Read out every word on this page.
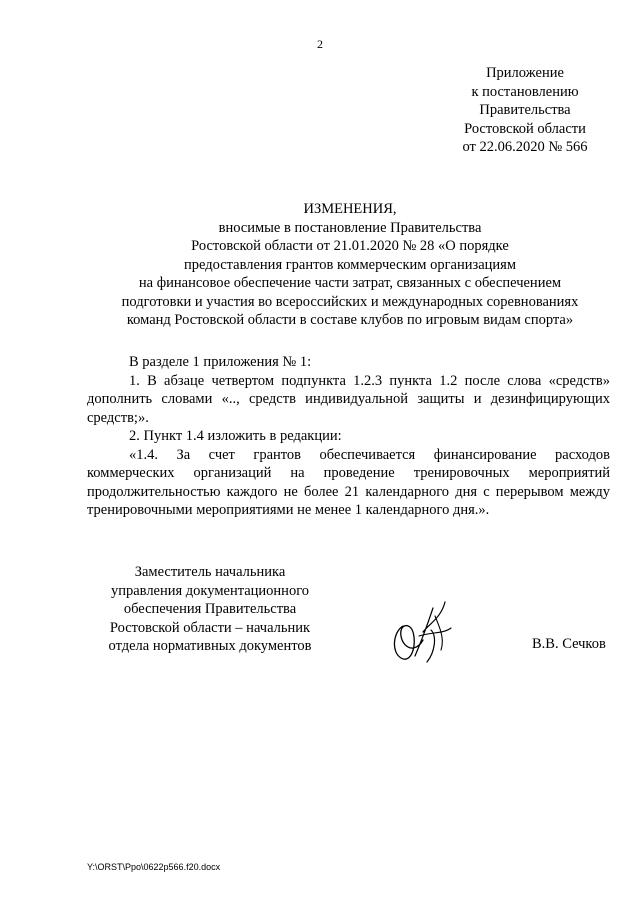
2
Приложение
к постановлению
Правительства
Ростовской области
от 22.06.2020 № 566
ИЗМЕНЕНИЯ,
вносимые в постановление Правительства
Ростовской области от 21.01.2020 № 28 «О порядке
предоставления грантов коммерческим организациям
на финансовое обеспечение части затрат, связанных с обеспечением
подготовки и участия во всероссийских и международных соревнованиях
команд Ростовской области в составе клубов по игровым видам спорта»

В разделе 1 приложения № 1:

1. В абзаце четвертом подпункта 1.2.3 пункта 1.2 после слова «средств» дополнить словами «.., средств индивидуальной защиты и дезинфицирующих средств;».

2. Пункт 1.4 изложить в редакции:

«1.4. За счет грантов обеспечивается финансирование расходов коммерческих организаций на проведение тренировочных мероприятий продолжительностью каждого не более 21 календарного дня с перерывом между тренировочными мероприятиями не менее 1 календарного дня.».

Заместитель начальника
управления документационного
обеспечения Правительства
Ростовской области – начальник
отдела нормативных документов	В.В. Сечков
Y:\ORST\Ppo\0622p566.f20.docx
